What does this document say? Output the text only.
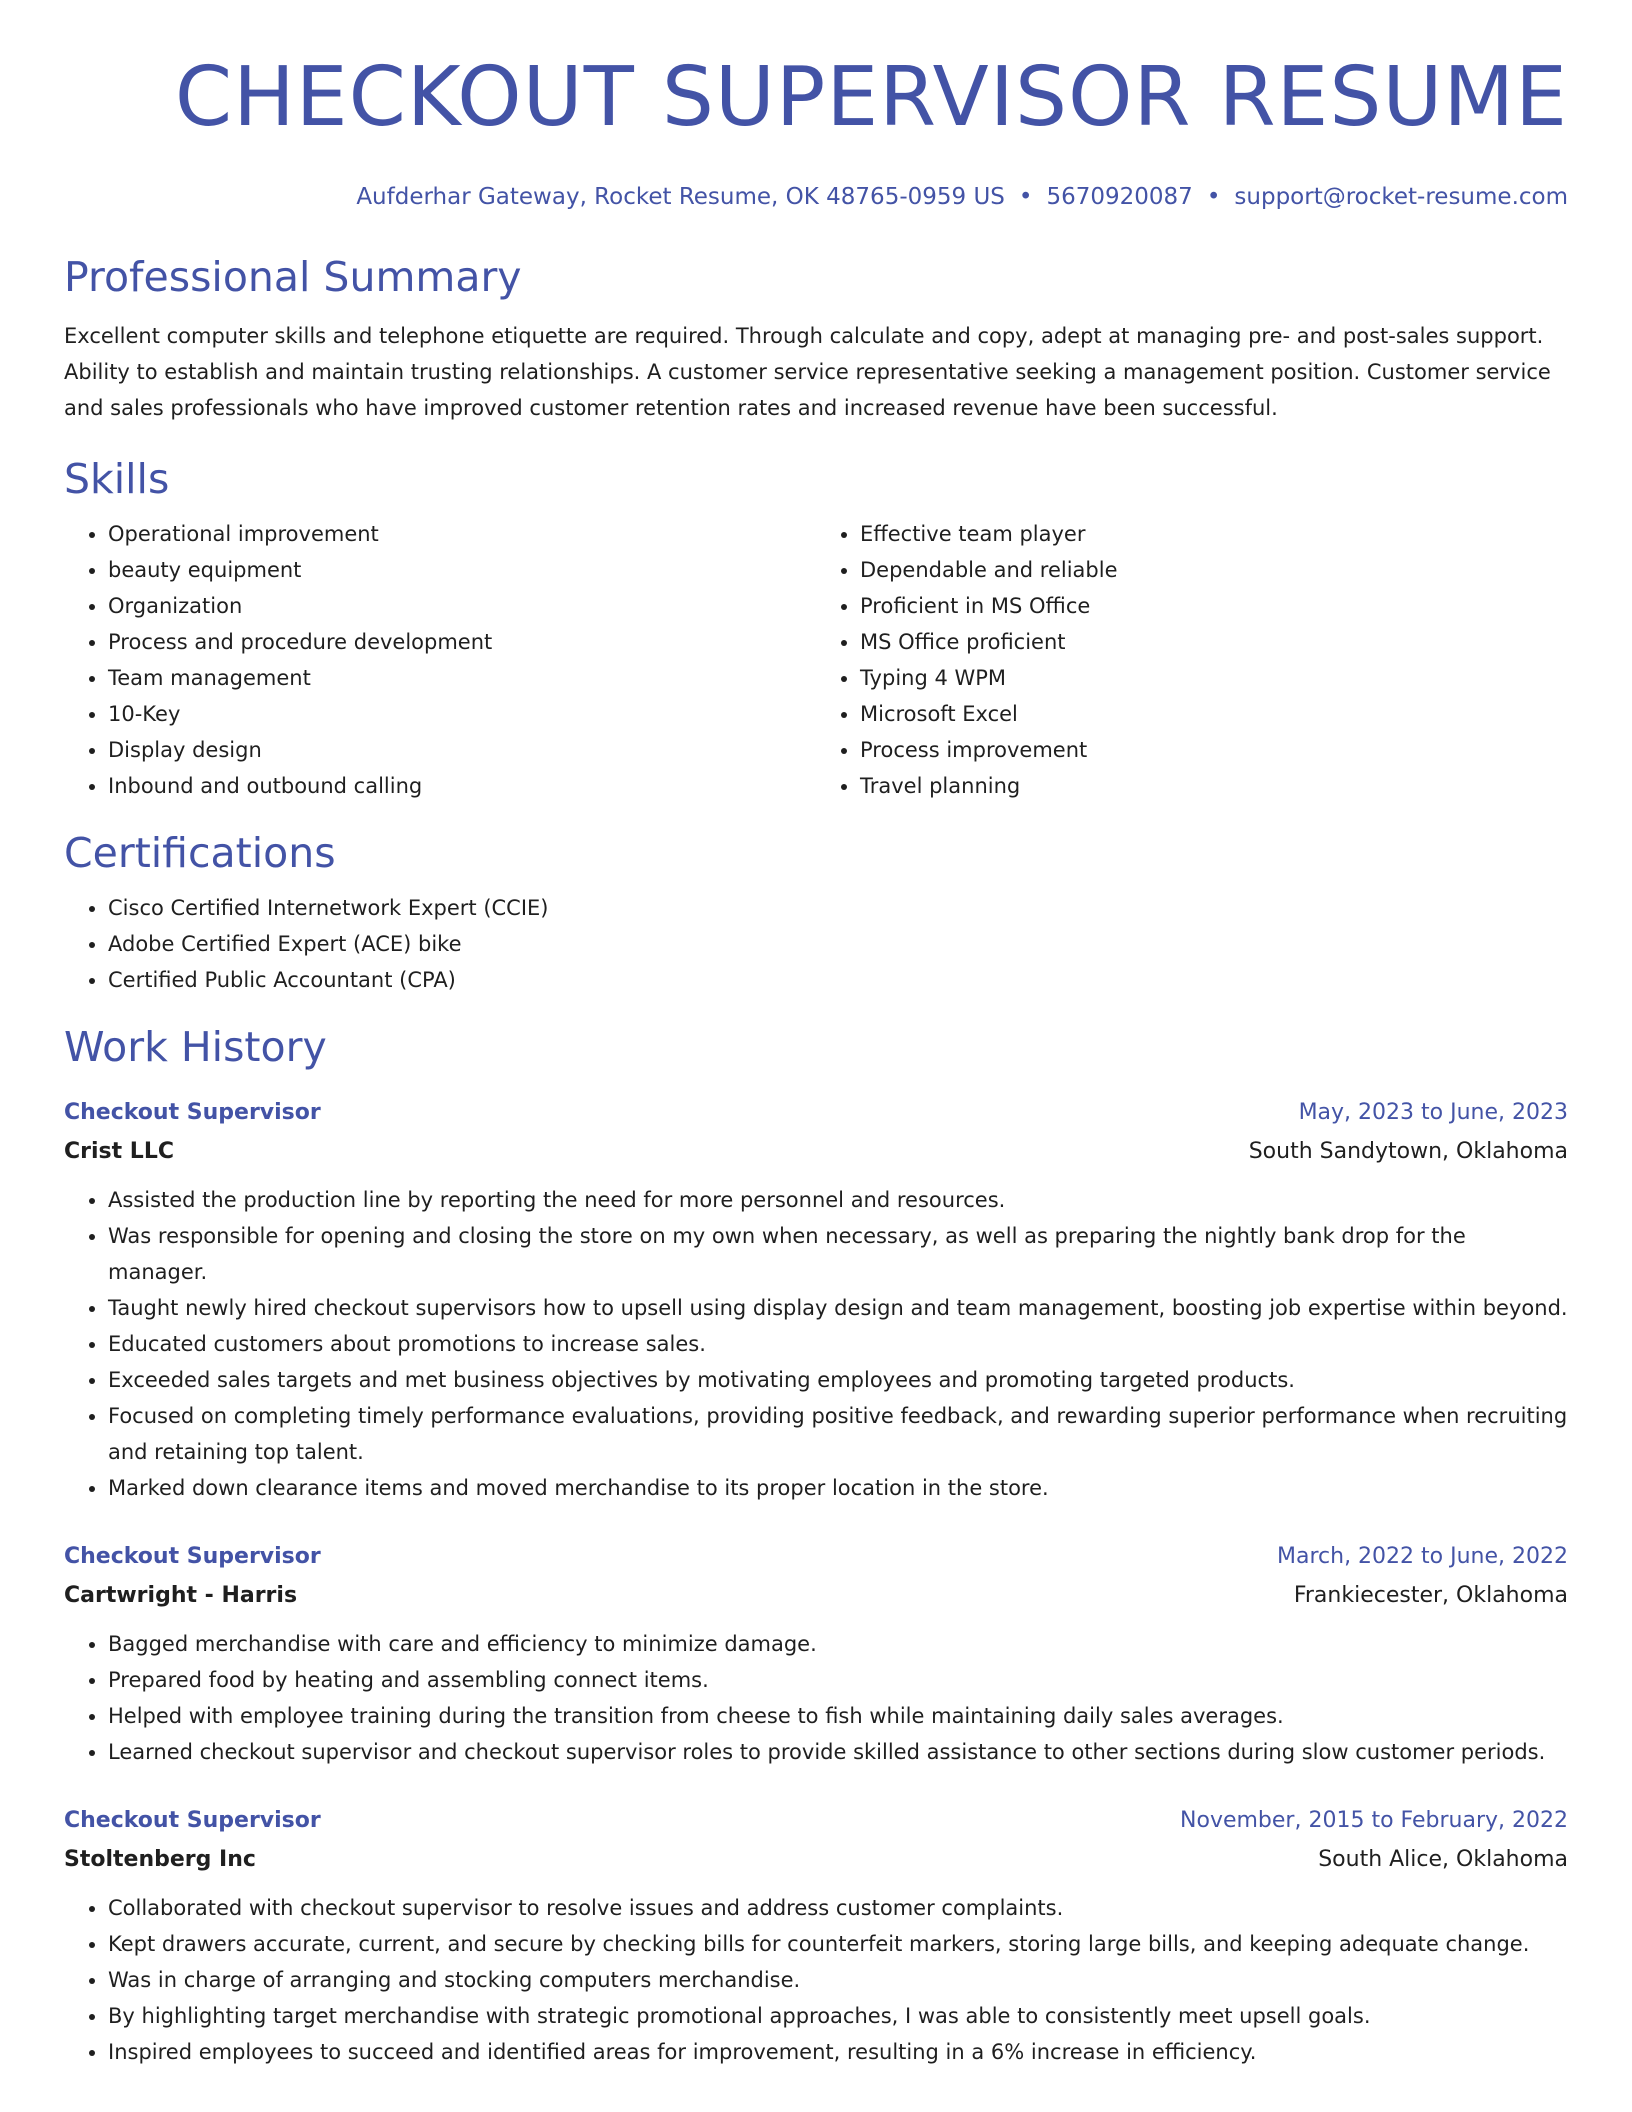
CHECKOUT SUPERVISOR RESUME
Aufderhar Gateway, Rocket Resume, OK 48765-0959 US • 5670920087 • support@rocket-resume.com
Professional Summary
Excellent computer skills and telephone etiquette are required. Through calculate and copy, adept at managing pre- and post-sales support. Ability to establish and maintain trusting relationships. A customer service representative seeking a management position. Customer service and sales professionals who have improved customer retention rates and increased revenue have been successful.
Skills
• Operational improvement
• beauty equipment
• Organization
• Process and procedure development
• Team management
• 10-Key
• Display design
• Inbound and outbound calling
• Effective team player
• Dependable and reliable
• Proficient in MS Office
• MS Office proficient
• Typing 4 WPM
• Microsoft Excel
• Process improvement
• Travel planning
Certifications
• Cisco Certified Internetwork Expert (CCIE)
• Adobe Certified Expert (ACE) bike
• Certified Public Accountant (CPA)
Work History
Checkout Supervisor	May, 2023 to June, 2023
Crist LLC	South Sandytown, Oklahoma
• Assisted the production line by reporting the need for more personnel and resources.
• Was responsible for opening and closing the store on my own when necessary, as well as preparing the nightly bank drop for the manager.
• Taught newly hired checkout supervisors how to upsell using display design and team management, boosting job expertise within beyond.
• Educated customers about promotions to increase sales.
• Exceeded sales targets and met business objectives by motivating employees and promoting targeted products.
• Focused on completing timely performance evaluations, providing positive feedback, and rewarding superior performance when recruiting and retaining top talent.
• Marked down clearance items and moved merchandise to its proper location in the store.
Checkout Supervisor	March, 2022 to June, 2022
Cartwright - Harris	Frankiecester, Oklahoma
• Bagged merchandise with care and efficiency to minimize damage.
• Prepared food by heating and assembling connect items.
• Helped with employee training during the transition from cheese to fish while maintaining daily sales averages.
• Learned checkout supervisor and checkout supervisor roles to provide skilled assistance to other sections during slow customer periods.
Checkout Supervisor	November, 2015 to February, 2022
Stoltenberg Inc	South Alice, Oklahoma
• Collaborated with checkout supervisor to resolve issues and address customer complaints.
• Kept drawers accurate, current, and secure by checking bills for counterfeit markers, storing large bills, and keeping adequate change.
• Was in charge of arranging and stocking computers merchandise.
• By highlighting target merchandise with strategic promotional approaches, I was able to consistently meet upsell goals.
• Inspired employees to succeed and identified areas for improvement, resulting in a 6% increase in efficiency.
